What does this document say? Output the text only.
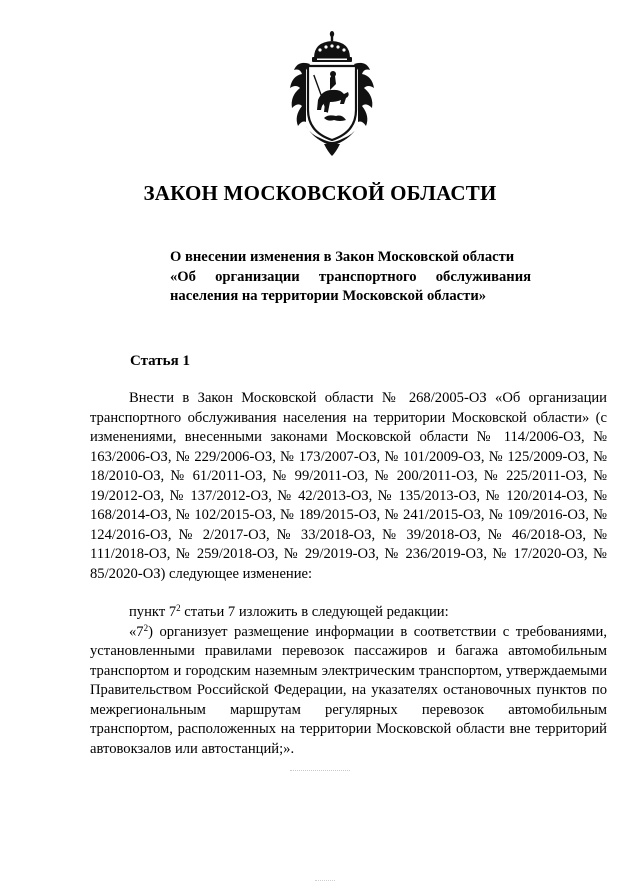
ЗАКОН МОСКОВСКОЙ ОБЛАСТИ
О внесении изменения в Закон Московской области
«Об организации транспортного обслуживания
населения на территории Московской области»
Статья 1

Внести в Закон Московской области № 268/2005-ОЗ «Об организации транспортного обслуживания населения на территории Московской области» (с изменениями, внесенными законами Московской области № 114/2006-ОЗ, № 163/2006-ОЗ, № 229/2006-ОЗ, № 173/2007-ОЗ, № 101/2009-ОЗ, № 125/2009-ОЗ, № 18/2010-ОЗ, № 61/2011-ОЗ, № 99/2011-ОЗ, № 200/2011-ОЗ, № 225/2011-ОЗ, № 19/2012-ОЗ, № 137/2012-ОЗ, № 42/2013-ОЗ, № 135/2013-ОЗ, № 120/2014-ОЗ, № 168/2014-ОЗ, № 102/2015-ОЗ, № 189/2015-ОЗ, № 241/2015-ОЗ, № 109/2016-ОЗ, № 124/2016-ОЗ, № 2/2017-ОЗ, № 33/2018-ОЗ, № 39/2018-ОЗ, № 46/2018-ОЗ, № 111/2018-ОЗ, № 259/2018-ОЗ, № 29/2019-ОЗ, № 236/2019-ОЗ, № 17/2020-ОЗ, № 85/2020-ОЗ) следующее изменение:

пункт $7^2$ статьи 7 изложить в следующей редакции:

«$7^2$) организует размещение информации в соответствии с требованиями, установленными правилами перевозок пассажиров и багажа автомобильным транспортом и городским наземным электрическим транспортом, утверждаемыми Правительством Российской Федерации, на указателях остановочных пунктов по межрегиональным маршрутам регулярных перевозок автомобильным транспортом, расположенных на территории Московской области вне территорий автовокзалов или автостанций;».
